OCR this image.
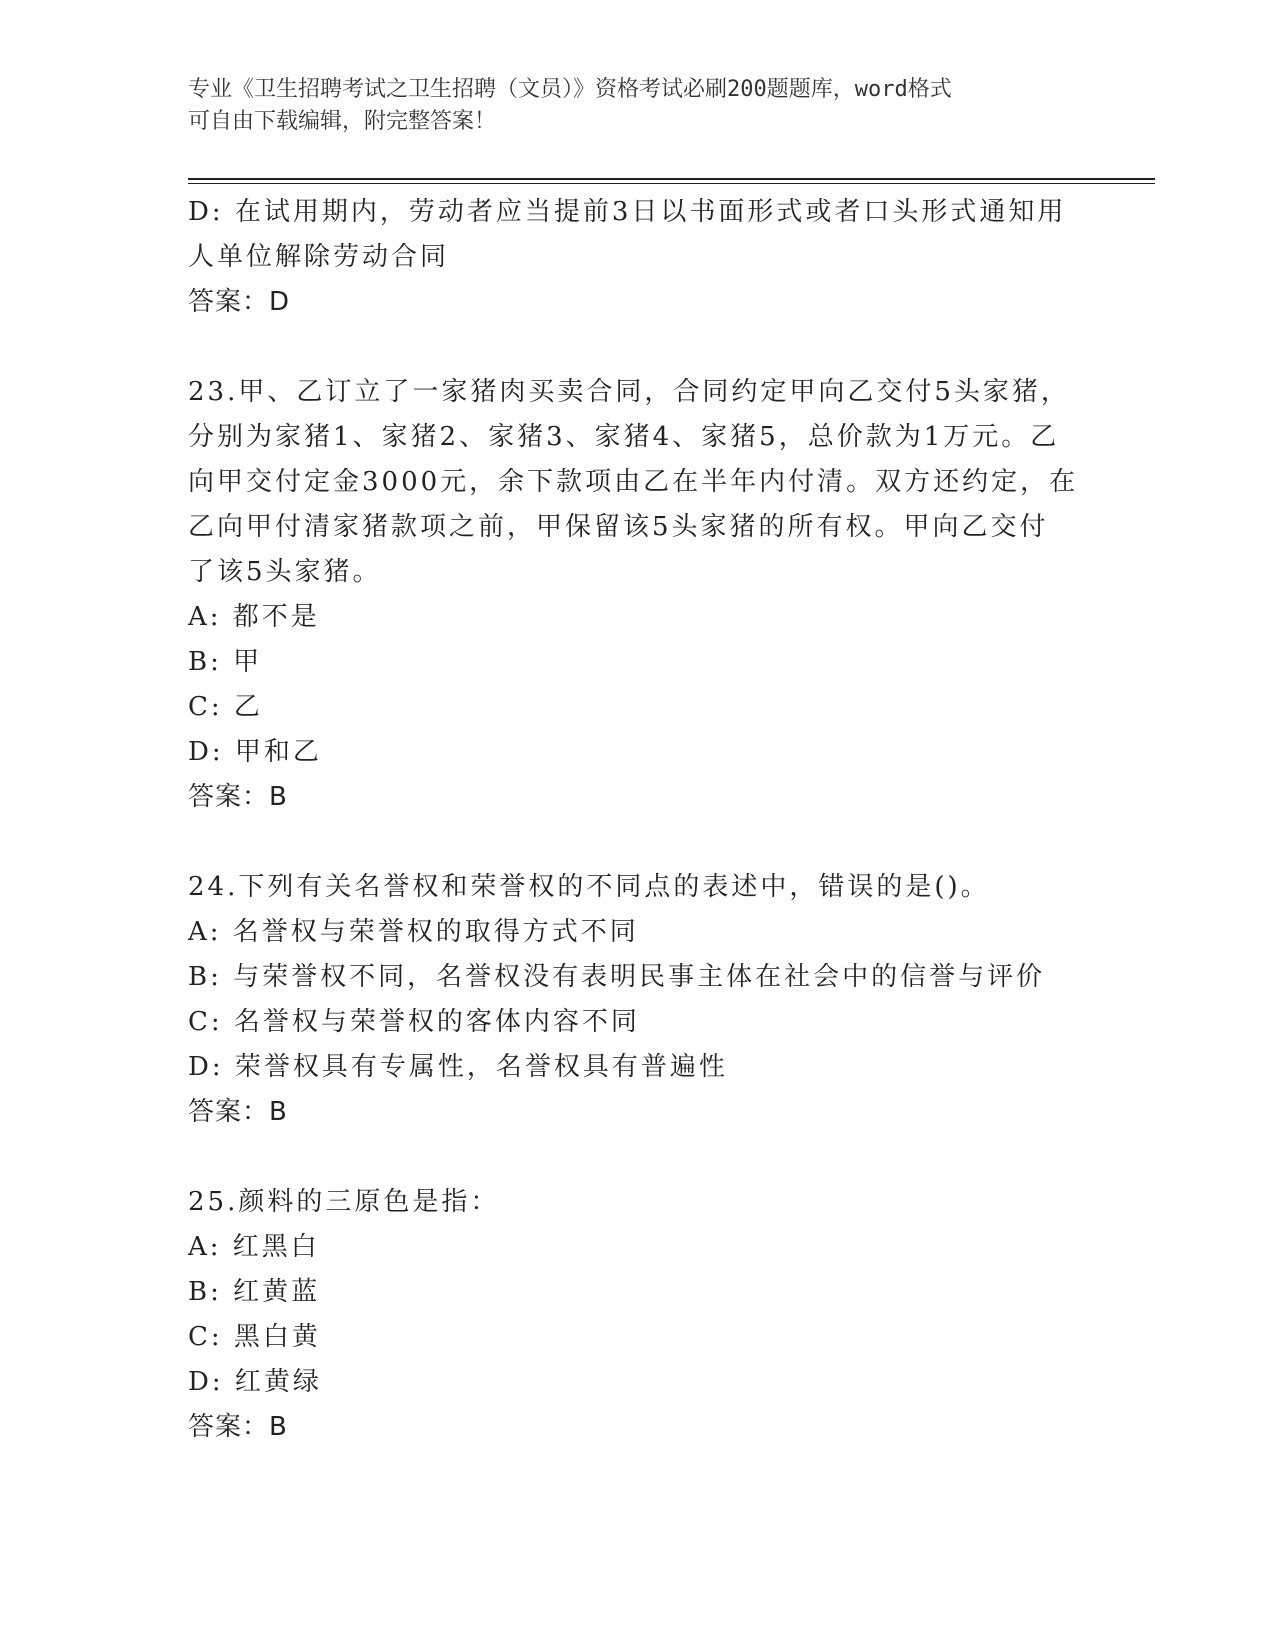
专业《卫生招聘考试之卫生招聘（文员）》资格考试必刷200题题库，word格式
可自由下载编辑，附完整答案！
D: 在试用期内，劳动者应当提前3日以书面形式或者口头形式通知用
人单位解除劳动合同
答案：D
23.甲、乙订立了一家猪肉买卖合同，合同约定甲向乙交付5头家猪，
分别为家猪1、家猪2、家猪3、家猪4、家猪5，总价款为1万元。乙
向甲交付定金3000元，余下款项由乙在半年内付清。双方还约定，在
乙向甲付清家猪款项之前，甲保留该5头家猪的所有权。甲向乙交付
了该5头家猪。
A: 都不是
B: 甲
C: 乙
D: 甲和乙
答案：B
24.下列有关名誉权和荣誉权的不同点的表述中，错误的是()。
A: 名誉权与荣誉权的取得方式不同
B: 与荣誉权不同，名誉权没有表明民事主体在社会中的信誉与评价
C: 名誉权与荣誉权的客体内容不同
D: 荣誉权具有专属性，名誉权具有普遍性
答案：B
25.颜料的三原色是指：
A: 红黑白
B: 红黄蓝
C: 黑白黄
D: 红黄绿
答案：B
